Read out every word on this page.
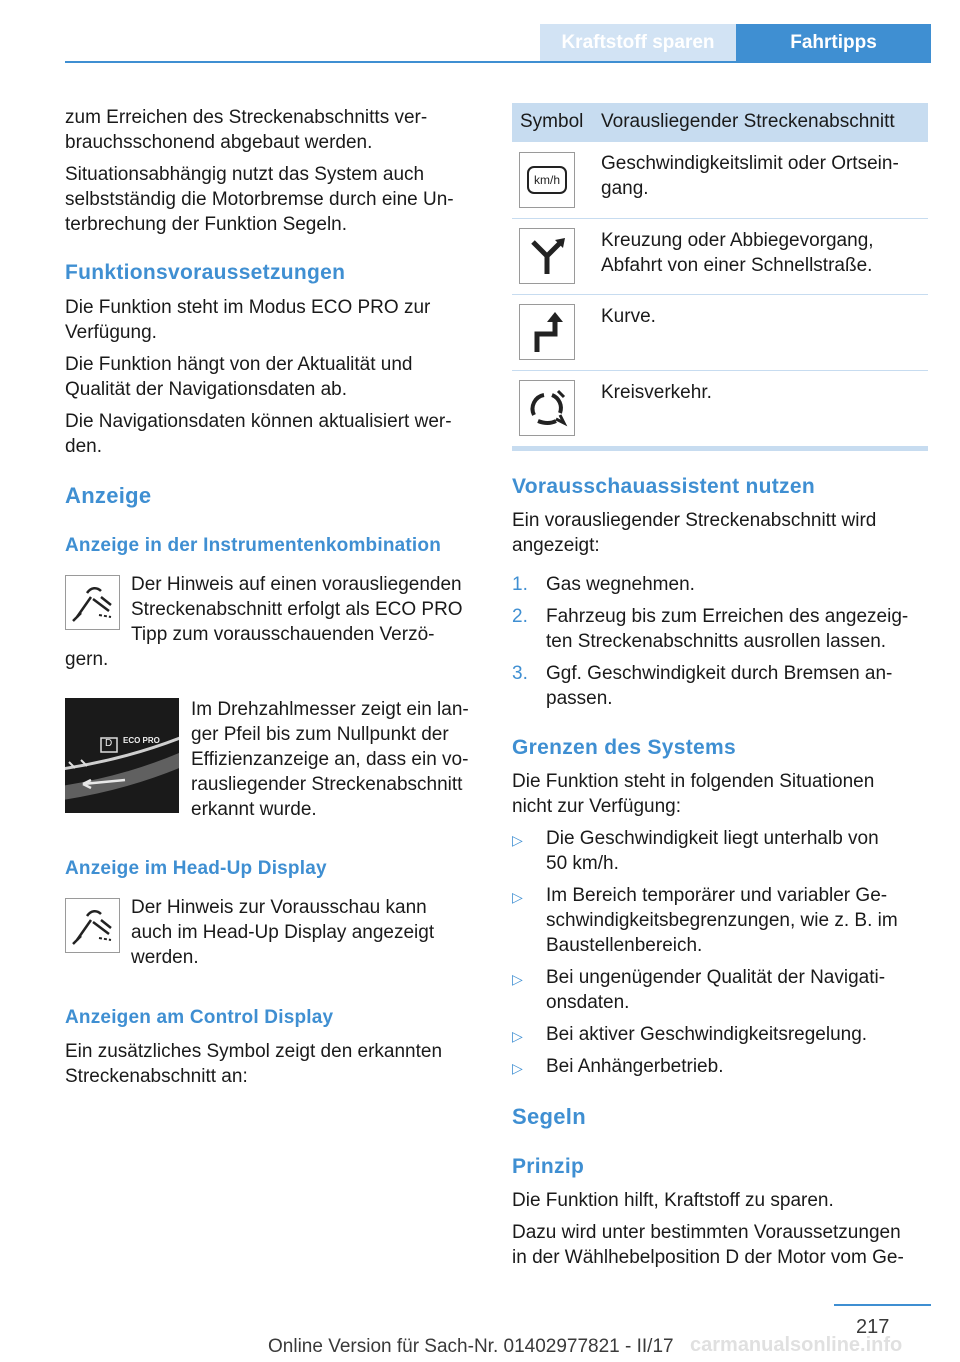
Kraftstoff sparen	Fahrtipps

zum Erreichen des Streckenabschnitts ver-

brauchsschonend abgebaut werden.

Situationsabhängig nutzt das System auch

selbstständig die Motorbremse durch eine Un-

terbrechung der Funktion Segeln.

Funktionsvoraussetzungen

Die Funktion steht im Modus ECO PRO zur

Verfügung.

Die Funktion hängt von der Aktualität und

Qualität der Navigationsdaten ab.

Die Navigationsdaten können aktualisiert wer-

den.

Anzeige
Anzeige in der Instrumentenkombination

Der Hinweis auf einen vorausliegenden

Streckenabschnitt erfolgt als ECO PRO

Tipp zum vorausschauenden Verzö-

gern.

D ECO PRO

Im Drehzahlmesser zeigt ein lan-

ger Pfeil bis zum Nullpunkt der

Effizienzanzeige an, dass ein vo-

rausliegender Streckenabschnitt

erkannt wurde.

Anzeige im Head-Up Display

Der Hinweis zur Vorausschau kann

auch im Head-Up Display angezeigt

werden.

Anzeigen am Control Display

Ein zusätzliches Symbol zeigt den erkannten

Streckenabschnitt an:

Symbol Vorausliegender Streckenabschnitt
km/h

Geschwindigkeitslimit oder Ortsein-

gang.

Kreuzung oder Abbiegevorgang,

Abfahrt von einer Schnellstraße.

Kurve.

Kreisverkehr.

Vorausschauassistent nutzen

Ein vorausliegender Streckenabschnitt wird

angezeigt:

1. Gas wegnehmen.

2. Fahrzeug bis zum Erreichen des angezeig-

ten Streckenabschnitts ausrollen lassen.

3. Ggf. Geschwindigkeit durch Bremsen an-

passen.

Grenzen des Systems

Die Funktion steht in folgenden Situationen

nicht zur Verfügung:

▷ Die Geschwindigkeit liegt unterhalb von

50 km/h.

▷ Im Bereich temporärer und variabler Ge-

schwindigkeitsbegrenzungen, wie z. B. im

Baustellenbereich.

▷ Bei ungenügender Qualität der Navigati-

onsdaten.

▷ Bei aktiver Geschwindigkeitsregelung.

▷ Bei Anhängerbetrieb.

Segeln
Prinzip

Die Funktion hilft, Kraftstoff zu sparen.

Dazu wird unter bestimmten Voraussetzungen

in der Wählhebelposition D der Motor vom Ge-

217
Online Version für Sach-Nr. 01402977821 - II/17 carmanualsonline.info
